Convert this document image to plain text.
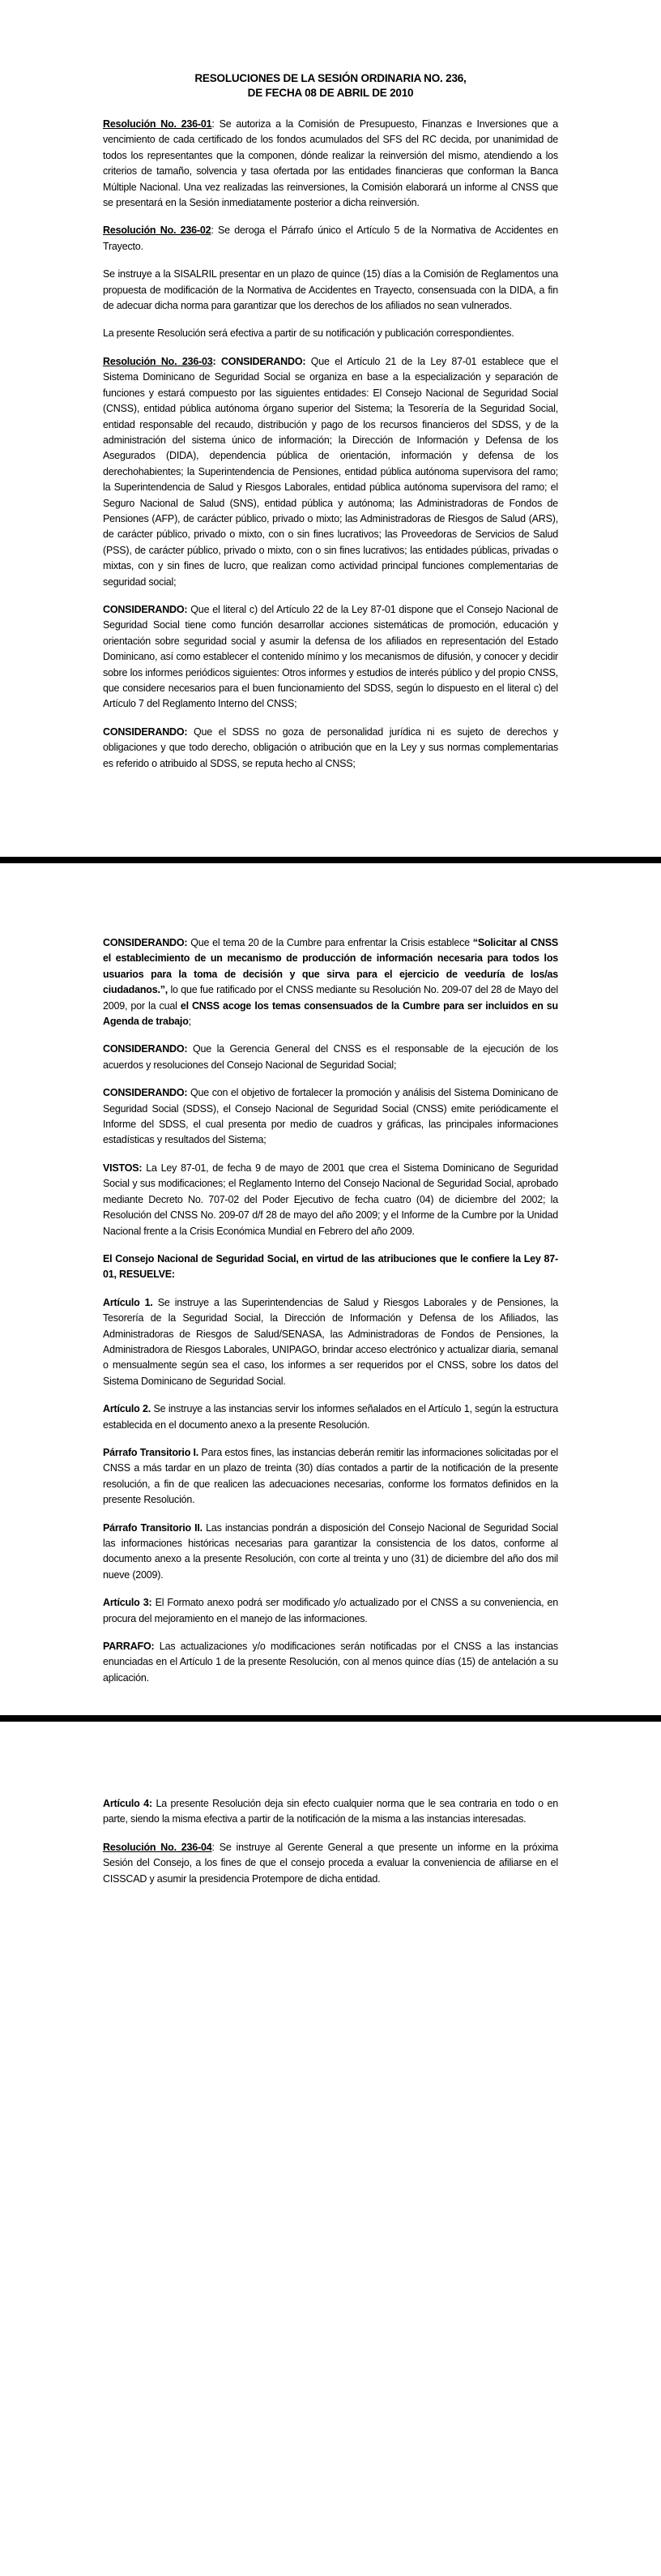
RESOLUCIONES DE LA SESIÓN ORDINARIA NO. 236,
DE FECHA 08 DE ABRIL DE 2010
Resolución No. 236-01: Se autoriza a la Comisión de Presupuesto, Finanzas e Inversiones que a vencimiento de cada certificado de los fondos acumulados del SFS del RC decida, por unanimidad de todos los representantes que la componen, dónde realizar la reinversión del mismo, atendiendo a los criterios de tamaño, solvencia y tasa ofertada por las entidades financieras que conforman la Banca Múltiple Nacional. Una vez realizadas las reinversiones, la Comisión elaborará un informe al CNSS que se presentará en la Sesión inmediatamente posterior a dicha reinversión.
Resolución No. 236-02: Se deroga el Párrafo único el Artículo 5 de la Normativa de Accidentes en Trayecto.
Se instruye a la SISALRIL presentar en un plazo de quince (15) días a la Comisión de Reglamentos una propuesta de modificación de la Normativa de Accidentes en Trayecto, consensuada con la DIDA, a fin de adecuar dicha norma para garantizar que los derechos de los afiliados no sean vulnerados.
La presente Resolución será efectiva a partir de su notificación y publicación correspondientes.
Resolución No. 236-03: CONSIDERANDO: Que el Artículo 21 de la Ley 87-01 establece que el Sistema Dominicano de Seguridad Social se organiza en base a la especialización y separación de funciones y estará compuesto por las siguientes entidades: El Consejo Nacional de Seguridad Social (CNSS), entidad pública autónoma órgano superior del Sistema; la Tesorería de la Seguridad Social, entidad responsable del recaudo, distribución y pago de los recursos financieros del SDSS, y de la administración del sistema único de información; la Dirección de Información y Defensa de los Asegurados (DIDA), dependencia pública de orientación, información y defensa de los derechohabientes; la Superintendencia de Pensiones, entidad pública autónoma supervisora del ramo; la Superintendencia de Salud y Riesgos Laborales, entidad pública autónoma supervisora del ramo; el Seguro Nacional de Salud (SNS), entidad pública y autónoma; las Administradoras de Fondos de Pensiones (AFP), de carácter público, privado o mixto; las Administradoras de Riesgos de Salud (ARS), de carácter público, privado o mixto, con o sin fines lucrativos; las Proveedoras de Servicios de Salud (PSS), de carácter público, privado o mixto, con o sin fines lucrativos; las entidades públicas, privadas o mixtas, con y sin fines de lucro, que realizan como actividad principal funciones complementarias de seguridad social;
CONSIDERANDO: Que el literal c) del Artículo 22 de la Ley 87-01 dispone que el Consejo Nacional de Seguridad Social tiene como función desarrollar acciones sistemáticas de promoción, educación y orientación sobre seguridad social y asumir la defensa de los afiliados en representación del Estado Dominicano, así como establecer el contenido mínimo y los mecanismos de difusión, y conocer y decidir sobre los informes periódicos siguientes: Otros informes y estudios de interés público y del propio CNSS, que considere necesarios para el buen funcionamiento del SDSS, según lo dispuesto en el literal c) del Artículo 7 del Reglamento Interno del CNSS;
CONSIDERANDO: Que el SDSS no goza de personalidad jurídica ni es sujeto de derechos y obligaciones y que todo derecho, obligación o atribución que en la Ley y sus normas complementarias es referido o atribuido al SDSS, se reputa hecho al CNSS;
CONSIDERANDO: Que el tema 20 de la Cumbre para enfrentar la Crisis establece “Solicitar al CNSS el establecimiento de un mecanismo de producción de información necesaria para todos los usuarios para la toma de decisión y que sirva para el ejercicio de veeduría de los/as ciudadanos.”, lo que fue ratificado por el CNSS mediante su Resolución No. 209-07 del 28 de Mayo del 2009, por la cual el CNSS acoge los temas consensuados de la Cumbre para ser incluidos en su Agenda de trabajo;
CONSIDERANDO: Que la Gerencia General del CNSS es el responsable de la ejecución de los acuerdos y resoluciones del Consejo Nacional de Seguridad Social;
CONSIDERANDO: Que con el objetivo de fortalecer la promoción y análisis del Sistema Dominicano de Seguridad Social (SDSS), el Consejo Nacional de Seguridad Social (CNSS) emite periódicamente el Informe del SDSS, el cual presenta por medio de cuadros y gráficas, las principales informaciones estadísticas y resultados del Sistema;
VISTOS: La Ley 87-01, de fecha 9 de mayo de 2001 que crea el Sistema Dominicano de Seguridad Social y sus modificaciones; el Reglamento Interno del Consejo Nacional de Seguridad Social, aprobado mediante Decreto No. 707-02 del Poder Ejecutivo de fecha cuatro (04) de diciembre del 2002; la Resolución del CNSS No. 209-07 d/f 28 de mayo del año 2009; y el Informe de la Cumbre por la Unidad Nacional frente a la Crisis Económica Mundial en Febrero del año 2009.
El Consejo Nacional de Seguridad Social, en virtud de las atribuciones que le confiere la Ley 87-01, RESUELVE:
Artículo 1. Se instruye a las Superintendencias de Salud y Riesgos Laborales y de Pensiones, la Tesorería de la Seguridad Social, la Dirección de Información y Defensa de los Afiliados, las Administradoras de Riesgos de Salud/SENASA, las Administradoras de Fondos de Pensiones, la Administradora de Riesgos Laborales, UNIPAGO, brindar acceso electrónico y actualizar diaria, semanal o mensualmente según sea el caso, los informes a ser requeridos por el CNSS, sobre los datos del Sistema Dominicano de Seguridad Social.
Artículo 2. Se instruye a las instancias servir los informes señalados en el Artículo 1, según la estructura establecida en el documento anexo a la presente Resolución.
Párrafo Transitorio I. Para estos fines, las instancias deberán remitir las informaciones solicitadas por el CNSS a más tardar en un plazo de treinta (30) días contados a partir de la notificación de la presente resolución, a fin de que realicen las adecuaciones necesarias, conforme los formatos definidos en la presente Resolución.
Párrafo Transitorio II. Las instancias pondrán a disposición del Consejo Nacional de Seguridad Social las informaciones históricas necesarias para garantizar la consistencia de los datos, conforme al documento anexo a la presente Resolución, con corte al treinta y uno (31) de diciembre del año dos mil nueve (2009).
Artículo 3: El Formato anexo podrá ser modificado y/o actualizado por el CNSS a su conveniencia, en procura del mejoramiento en el manejo de las informaciones.
PARRAFO: Las actualizaciones y/o modificaciones serán notificadas por el CNSS a las instancias enunciadas en el Artículo 1 de la presente Resolución, con al menos quince días (15) de antelación a su aplicación.
Artículo 4: La presente Resolución deja sin efecto cualquier norma que le sea contraria en todo o en parte, siendo la misma efectiva a partir de la notificación de la misma a las instancias interesadas.
Resolución No. 236-04: Se instruye al Gerente General a que presente un informe en la próxima Sesión del Consejo, a los fines de que el consejo proceda a evaluar la conveniencia de afiliarse en el CISSCAD y asumir la presidencia Protempore de dicha entidad.
